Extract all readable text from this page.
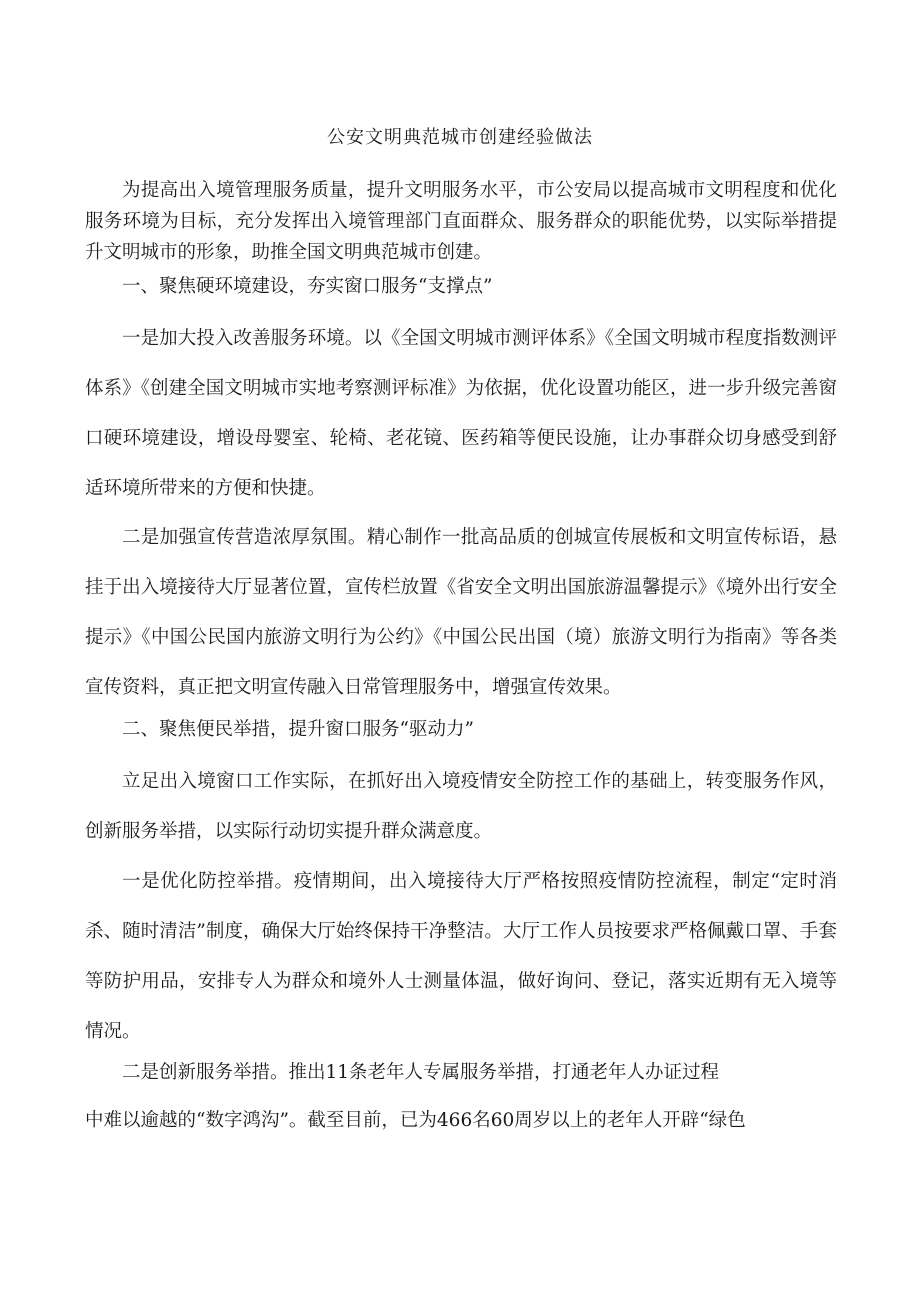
公安文明典范城市创建经验做法

为提高出入境管理服务质量，提升文明服务水平，市公安局以提高城市文明程度和优化服务环境为目标，充分发挥出入境管理部门直面群众、服务群众的职能优势，以实际举措提升文明城市的形象，助推全国文明典范城市创建。

一、聚焦硬环境建设，夯实窗口服务“支撑点”

一是加大投入改善服务环境。以《全国文明城市测评体系》《全国文明城市程度指数测评体系》《创建全国文明城市实地考察测评标准》为依据，优化设置功能区，进一步升级完善窗口硬环境建设，增设母婴室、轮椅、老花镜、医药箱等便民设施，让办事群众切身感受到舒适环境所带来的方便和快捷。

二是加强宣传营造浓厚氛围。精心制作一批高品质的创城宣传展板和文明宣传标语，悬挂于出入境接待大厅显著位置，宣传栏放置《省安全文明出国旅游温馨提示》《境外出行安全提示》《中国公民国内旅游文明行为公约》《中国公民出国（境）旅游文明行为指南》等各类宣传资料，真正把文明宣传融入日常管理服务中，增强宣传效果。

二、聚焦便民举措，提升窗口服务“驱动力”

立足出入境窗口工作实际，在抓好出入境疫情安全防控工作的基础上，转变服务作风，创新服务举措，以实际行动切实提升群众满意度。

一是优化防控举措。疫情期间，出入境接待大厅严格按照疫情防控流程，制定“定时消杀、随时清洁”制度，确保大厅始终保持干净整洁。大厅工作人员按要求严格佩戴口罩、手套等防护用品，安排专人为群众和境外人士测量体温，做好询问、登记，落实近期有无入境等情况。

二是创新服务举措。推出11条老年人专属服务举措，打通老年人办证过程

中难以逾越的“数字鸿沟”。截至目前，已为466名60周岁以上的老年人开辟“绿色
